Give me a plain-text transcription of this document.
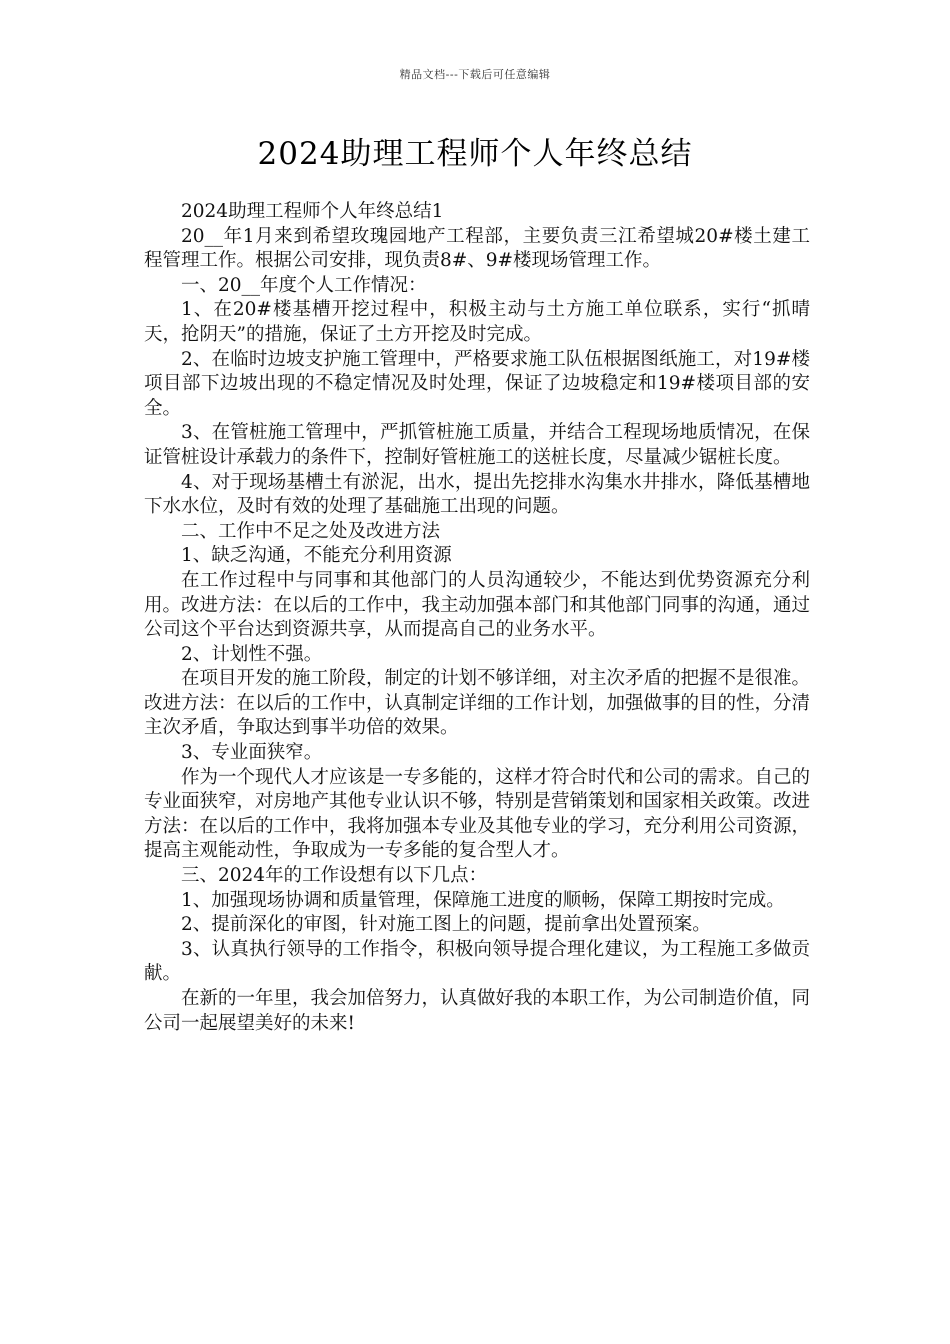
精品文档---下载后可任意编辑
2024助理工程师个人年终总结

2024助理工程师个人年终总结1

20__年1月来到希望玫瑰园地产工程部，主要负责三江希望城20#楼土建工程管理工作。根据公司安排，现负责8#、9#楼现场管理工作。

一、20__年度个人工作情况：

1、在20#楼基槽开挖过程中，积极主动与土方施工单位联系，实行“抓晴天，抢阴天”的措施，保证了土方开挖及时完成。

2、在临时边坡支护施工管理中，严格要求施工队伍根据图纸施工，对19#楼项目部下边坡出现的不稳定情况及时处理，保证了边坡稳定和19#楼项目部的安全。

3、在管桩施工管理中，严抓管桩施工质量，并结合工程现场地质情况，在保证管桩设计承载力的条件下，控制好管桩施工的送桩长度，尽量减少锯桩长度。

4、对于现场基槽土有淤泥，出水，提出先挖排水沟集水井排水，降低基槽地下水水位，及时有效的处理了基础施工出现的问题。

二、工作中不足之处及改进方法

1、缺乏沟通，不能充分利用资源

在工作过程中与同事和其他部门的人员沟通较少，不能达到优势资源充分利用。改进方法：在以后的工作中，我主动加强本部门和其他部门同事的沟通，通过公司这个平台达到资源共享，从而提高自己的业务水平。

2、计划性不强。

在项目开发的施工阶段，制定的计划不够详细，对主次矛盾的把握不是很准。改进方法：在以后的工作中，认真制定详细的工作计划，加强做事的目的性，分清主次矛盾，争取达到事半功倍的效果。

3、专业面狭窄。

作为一个现代人才应该是一专多能的，这样才符合时代和公司的需求。自己的专业面狭窄，对房地产其他专业认识不够，特别是营销策划和国家相关政策。改进方法：在以后的工作中，我将加强本专业及其他专业的学习，充分利用公司资源，提高主观能动性，争取成为一专多能的复合型人才。

三、2024年的工作设想有以下几点：

1、加强现场协调和质量管理，保障施工进度的顺畅，保障工期按时完成。

2、提前深化的审图，针对施工图上的问题，提前拿出处置预案。

3、认真执行领导的工作指令，积极向领导提合理化建议，为工程施工多做贡献。

在新的一年里，我会加倍努力，认真做好我的本职工作，为公司制造价值，同公司一起展望美好的未来!
